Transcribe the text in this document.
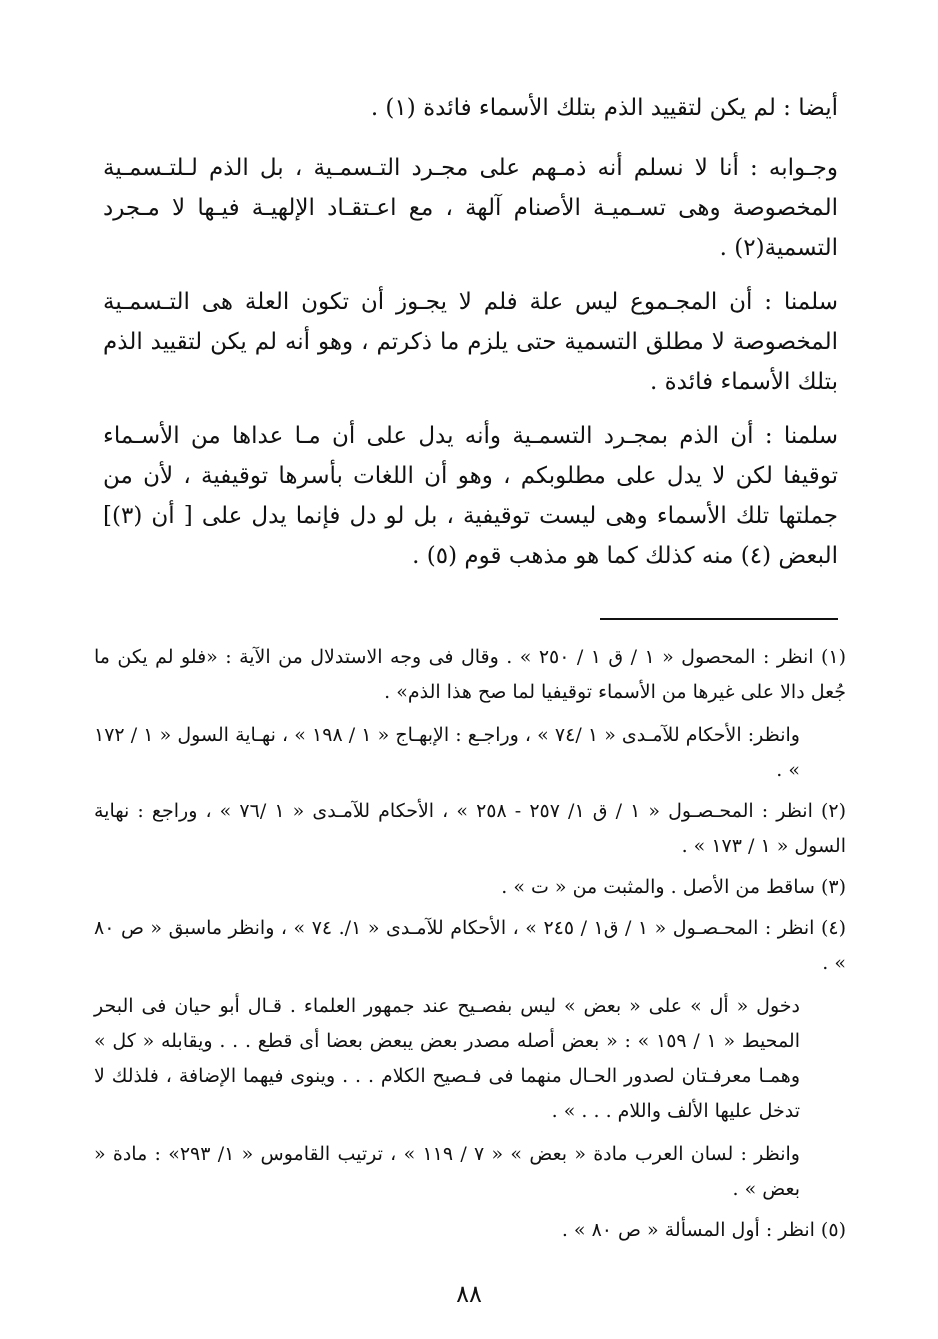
أيضا : لم يكن لتقييد الذم بتلك الأسماء فائدة (١) .

وجـوابه : أنا لا نسلم أنه ذمـهم على مجـرد التـسمـية ، بل الذم لـلتـسمـية المخصوصة وهى تسـميـة الأصنام آلهة ، مع اعـتقـاد الإلهيـة فيـها لا مـجرد التسمية(٢) .

سلمنا : أن المجـموع ليس علة فلم لا يجـوز أن تكون العلة هى التـسمـية المخصوصة لا مطلق التسمية حتى يلزم ما ذكرتم ، وهو أنه لم يكن لتقييد الذم بتلك الأسماء فائدة .

سلمنا : أن الذم بمجـرد التسمـية وأنه يدل على أن مـا عداها من الأسـماء توقيفا لكن لا يدل على مطلوبكم ، وهو أن اللغات بأسرها توقيفية ، لأن من جملتها تلك الأسماء وهى ليست توقيفية ، بل لو دل فإنما يدل على [ أن (٣)] البعض (٤) منه كذلك كما هو مذهب قوم (٥) .

(١) انظر : المحصول « ١ / ق ١ / ٢٥٠ » . وقال فى وجه الاستدلال من الآية : «فلو لم يكن ما جُعل دالا على غيرها من الأسماء توقيفيا لما صح هذا الذم» .

وانظر: الأحكام للآمـدى « ١ /٧٤ » ، وراجـع : الإبهـاج « ١ / ١٩٨ » ، نهـاية السول « ١ / ١٧٢ » .

(٢) انظر : المحـصـول « ١ / ق ١/ ٢٥٧ - ٢٥٨ » ، الأحكام للآمـدى « ١ /٧٦ » ، وراجع : نهاية السول « ١ / ١٧٣ » .

(٣) ساقط من الأصل . والمثبت من « ت » .

(٤) انظر : المحـصـول « ١ / ق١ / ٢٤٥ » ، الأحكام للآمـدى « ١/. ٧٤ » ، وانظر ماسبق « ص ٨٠ » .

دخول « أل » على « بعض » ليس بفصـيح عند جمهور العلماء . قـال أبو حيان فى البحر المحيط « ١ / ١٥٩ » : « بعض أصله مصدر بعض يبعض بعضا أى قطع . . . ويقابله « كل » وهمـا معرفـتان لصدور الحـال منهما فى فـصيح الكلام . . . وينوى فيهما الإضافة ، فلذلك لا تدخل عليها الألف واللام . . . » .

وانظر : لسان العرب مادة « بعض » « ٧ / ١١٩ » ، ترتيب القاموس « ١/ ٢٩٣» : مادة « بعض » .

(٥) انظر : أول المسألة « ص ٨٠ » .

٨٨
